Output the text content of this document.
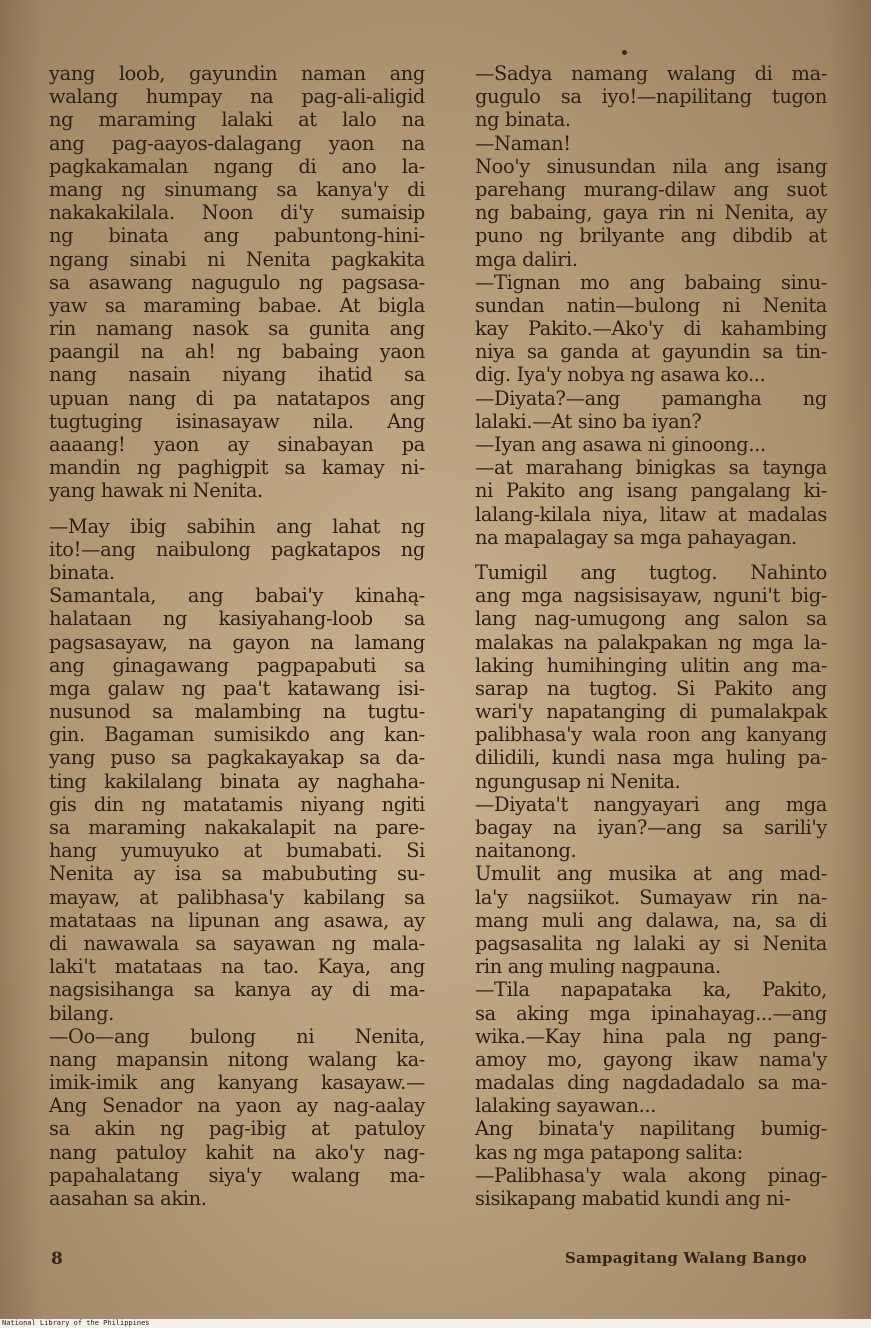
yang loob, gayundin naman ang
walang humpay na pag-ali-aligid
ng maraming lalaki at lalo na
ang pag-aayos-dalagang yaon na
pagkakamalan ngang di ano la-
mang ng sinumang sa kanya'y di
nakakakilala. Noon di'y sumaisip
ng binata ang pabuntong-hini-
ngang sinabi ni Nenita pagkakita
sa asawang nagugulo ng pagsasa-
yaw sa maraming babae. At bigla
rin namang nasok sa gunita ang
paangil na ah! ng babaing yaon
nang nasain niyang ihatid sa
upuan nang di pa natatapos ang
tugtuging isinasayaw nila. Ang
aaaang! yaon ay sinabayan pa
mandin ng paghigpit sa kamay ni-
yang hawak ni Nenita.
—May ibig sabihin ang lahat ng
ito!—ang naibulong pagkatapos ng
binata.
Samantala, ang babai'y kinahą-
halataan ng kasiyahang-loob sa
pagsasayaw, na gayon na lamang
ang ginagawang pagpapabuti sa
mga galaw ng paa't katawang isi-
nusunod sa malambing na tugtu-
gin. Bagaman sumisikdo ang kan-
yang puso sa pagkakayakap sa da-
ting kakilalang binata ay naghaha-
gis din ng matatamis niyang ngiti
sa maraming nakakalapit na pare-
hang yumuyuko at bumabati. Si
Nenita ay isa sa mabubuting su-
mayaw, at palibhasa'y kabilang sa
matataas na lipunan ang asawa, ay
di nawawala sa sayawan ng mala-
laki't matataas na tao. Kaya, ang
nagsisihanga sa kanya ay di ma-
bilang.
—Oo—ang bulong ni Nenita,
nang mapansin nitong walang ka-
imik-imik ang kanyang kasayaw.—
Ang Senador na yaon ay nag-aalay
sa akin ng pag-ibig at patuloy
nang patuloy kahit na ako'y nag-
papahalatang siya'y walang ma-
aasahan sa akin.
—Sadya namang walang di ma-
gugulo sa iyo!—napilitang tugon
ng binata.
—Naman!
Noo'y sinusundan nila ang isang
parehang murang-dilaw ang suot
ng babaing, gaya rin ni Nenita, ay
puno ng brilyante ang dibdib at
mga daliri.
—Tignan mo ang babaing sinu-
sundan natin—bulong ni Nenita
kay Pakito.—Ako'y di kahambing
niya sa ganda at gayundin sa tin-
dig. Iya'y nobya ng asawa ko...
—Diyata?—ang pamangha ng
lalaki.—At sino ba iyan?
—Iyan ang asawa ni ginoong...
—at marahang binigkas sa taynga
ni Pakito ang isang pangalang ki-
lalang-kilala niya, litaw at madalas
na mapalagay sa mga pahayagan.
Tumigil ang tugtog. Nahinto
ang mga nagsisisayaw, nguni't big-
lang nag-umugong ang salon sa
malakas na palakpakan ng mga la-
laking humihinging ulitin ang ma-
sarap na tugtog. Si Pakito ang
wari'y napatanging di pumalakpak
palibhasa'y wala roon ang kanyang
dilidili, kundi nasa mga huling pa-
ngungusap ni Nenita.
—Diyata't nangyayari ang mga
bagay na iyan?—ang sa sarili'y
naitanong.
Umulit ang musika at ang mad-
la'y nagsiikot. Sumayaw rin na-
mang muli ang dalawa, na, sa di
pagsasalita ng lalaki ay si Nenita
rin ang muling nagpauna.
—Tila napapataka ka, Pakito,
sa aking mga ipinahayag...—ang
wika.—Kay hina pala ng pang-
amoy mo, gayong ikaw nama'y
madalas ding nagdadadalo sa ma-
lalaking sayawan...
Ang binata'y napilitang bumig-
kas ng mga patapong salita:
—Palibhasa'y wala akong pinag-
sisikapang mabatid kundi ang ni-
8	Sampagitang Walang Bango
National Library of the Philippines
